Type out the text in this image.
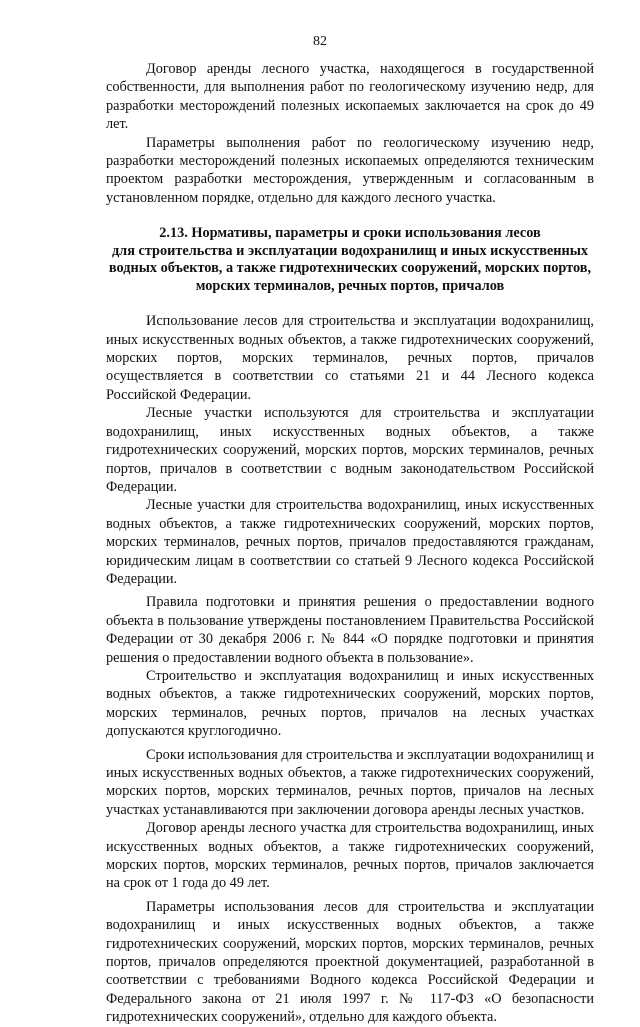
82

Договор аренды лесного участка, находящегося в государственной собственности, для выполнения работ по геологическому изучению недр, для разработки месторождений полезных ископаемых заключается на срок до 49 лет.

Параметры выполнения работ по геологическому изучению недр, разработки месторождений полезных ископаемых определяются техническим проектом разработки месторождения, утвержденным и согласованным в установленном порядке, отдельно для каждого лесного участка.

2.13. Нормативы, параметры и сроки использования лесов
для строительства и эксплуатации водохранилищ и иных искусственных
водных объектов, а также гидротехнических сооружений, морских портов,
морских терминалов, речных портов, причалов

Использование лесов для строительства и эксплуатации водохранилищ, иных искусственных водных объектов, а также гидротехнических сооружений, морских портов, морских терминалов, речных портов, причалов осуществляется в соответствии со статьями 21 и 44 Лесного кодекса Российской Федерации.

Лесные участки используются для строительства и эксплуатации водохранилищ, иных искусственных водных объектов, а также гидротехнических сооружений, морских портов, морских терминалов, речных портов, причалов в соответствии с водным законодательством Российской Федерации.

Лесные участки для строительства водохранилищ, иных искусственных водных объектов, а также гидротехнических сооружений, морских портов, морских терминалов, речных портов, причалов предоставляются гражданам, юридическим лицам в соответствии со статьей 9 Лесного кодекса Российской Федерации.

Правила подготовки и принятия решения о предоставлении водного объекта в пользование утверждены постановлением Правительства Российской Федерации от 30 декабря 2006 г. № 844 «О порядке подготовки и принятия решения о предоставлении водного объекта в пользование».

Строительство и эксплуатация водохранилищ и иных искусственных водных объектов, а также гидротехнических сооружений, морских портов, морских терминалов, речных портов, причалов на лесных участках допускаются круглогодично.

Сроки использования для строительства и эксплуатации водохранилищ и иных искусственных водных объектов, а также гидротехнических сооружений, морских портов, морских терминалов, речных портов, причалов на лесных участках устанавливаются при заключении договора аренды лесных участков.

Договор аренды лесного участка для строительства водохранилищ, иных искусственных водных объектов, а также гидротехнических сооружений, морских портов, морских терминалов, речных портов, причалов заключается на срок от 1 года до 49 лет.

Параметры использования лесов для строительства и эксплуатации водохранилищ и иных искусственных водных объектов, а также гидротехнических сооружений, морских портов, морских терминалов, речных портов, причалов определяются проектной документацией, разработанной в соответствии с требованиями Водного кодекса Российской Федерации и Федерального закона от 21 июля 1997 г. № 117-ФЗ «О безопасности гидротехнических сооружений», отдельно для каждого объекта.
